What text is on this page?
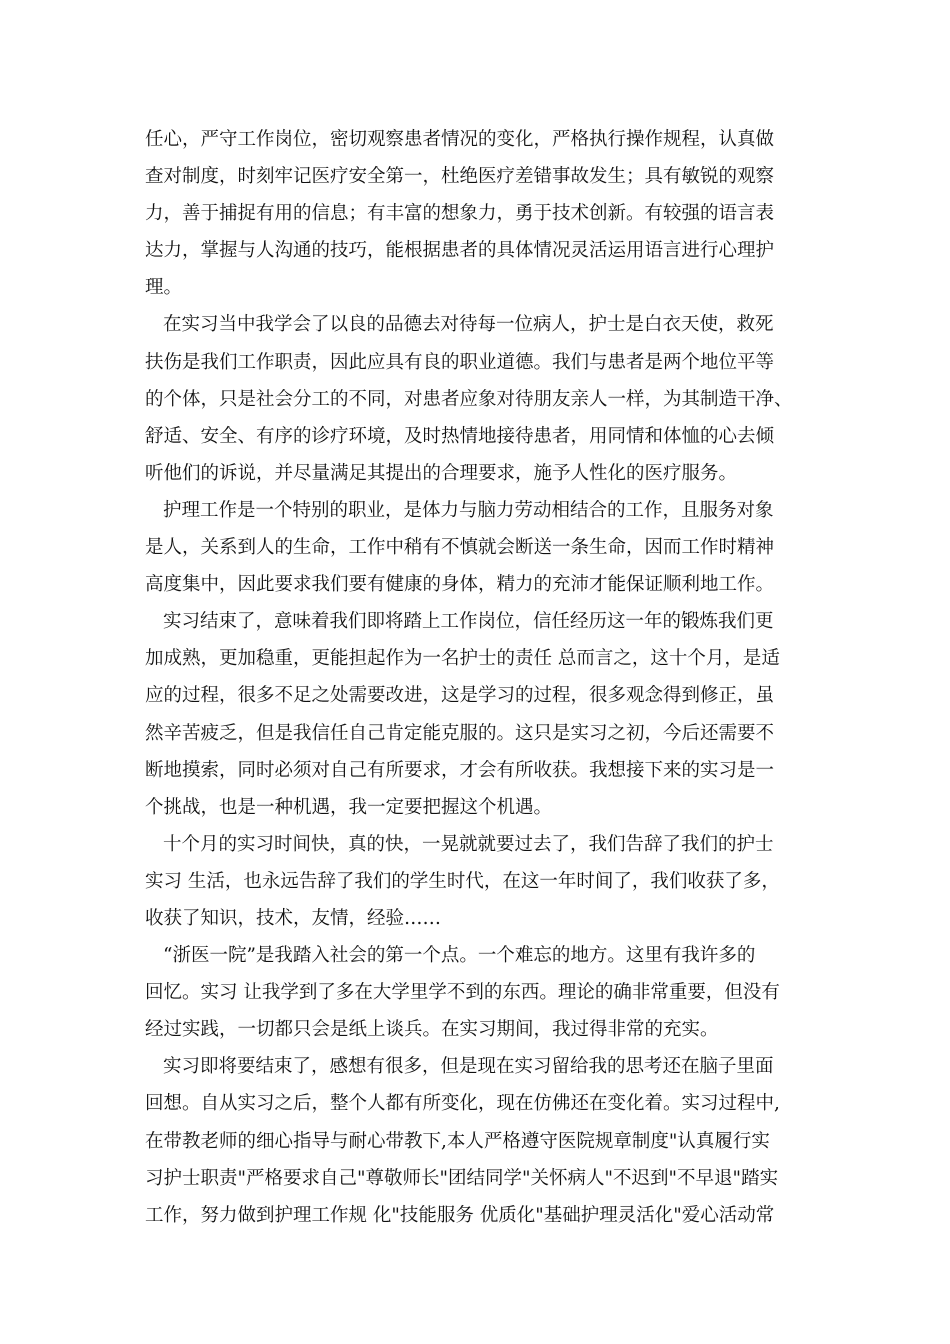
任心，严守工作岗位，密切观察患者情况的变化，严格执行操作规程，认真做
查对制度，时刻牢记医疗安全第一，杜绝医疗差错事故发生；具有敏锐的观察
力，善于捕捉有用的信息；有丰富的想象力，勇于技术创新。有较强的语言表
达力，掌握与人沟通的技巧，能根据患者的具体情况灵活运用语言进行心理护
理。
在实习当中我学会了以良的品德去对待每一位病人，护士是白衣天使，救死
扶伤是我们工作职责，因此应具有良的职业道德。我们与患者是两个地位平等
的个体，只是社会分工的不同，对患者应象对待朋友亲人一样，为其制造干净、
舒适、安全、有序的诊疗环境，及时热情地接待患者，用同情和体恤的心去倾
听他们的诉说，并尽量满足其提出的合理要求，施予人性化的医疗服务。
护理工作是一个特别的职业，是体力与脑力劳动相结合的工作，且服务对象
是人，关系到人的生命，工作中稍有不慎就会断送一条生命，因而工作时精神
高度集中，因此要求我们要有健康的身体，精力的充沛才能保证顺利地工作。
实习结束了，意味着我们即将踏上工作岗位，信任经历这一年的锻炼我们更
加成熟，更加稳重，更能担起作为一名护士的责任 总而言之，这十个月，是适
应的过程，很多不足之处需要改进，这是学习的过程，很多观念得到修正，虽
然辛苦疲乏，但是我信任自己肯定能克服的。这只是实习之初，今后还需要不
断地摸索，同时必须对自己有所要求，才会有所收获。我想接下来的实习是一
个挑战，也是一种机遇，我一定要把握这个机遇。
十个月的实习时间快，真的快，一晃就就要过去了，我们告辞了我们的护士
实习 生活，也永远告辞了我们的学生时代，在这一年时间了，我们收获了多，
收获了知识，技术，友情，经验……
“浙医一院”是我踏入社会的第一个点。一个难忘的地方。这里有我许多的
回忆。实习 让我学到了多在大学里学不到的东西。理论的确非常重要，但没有
经过实践，一切都只会是纸上谈兵。在实习期间，我过得非常的充实。
实习即将要结束了，感想有很多，但是现在实习留给我的思考还在脑子里面
回想。自从实习之后，整个人都有所变化，现在仿佛还在变化着。实习过程中,
在带教老师的细心指导与耐心带教下,本人严格遵守医院规章制度"认真履行实
习护士职责"严格要求自己"尊敬师长"团结同学"关怀病人"不迟到"不早退"踏实
工作，努力做到护理工作规 化"技能服务 优质化"基础护理灵活化"爱心活动常
